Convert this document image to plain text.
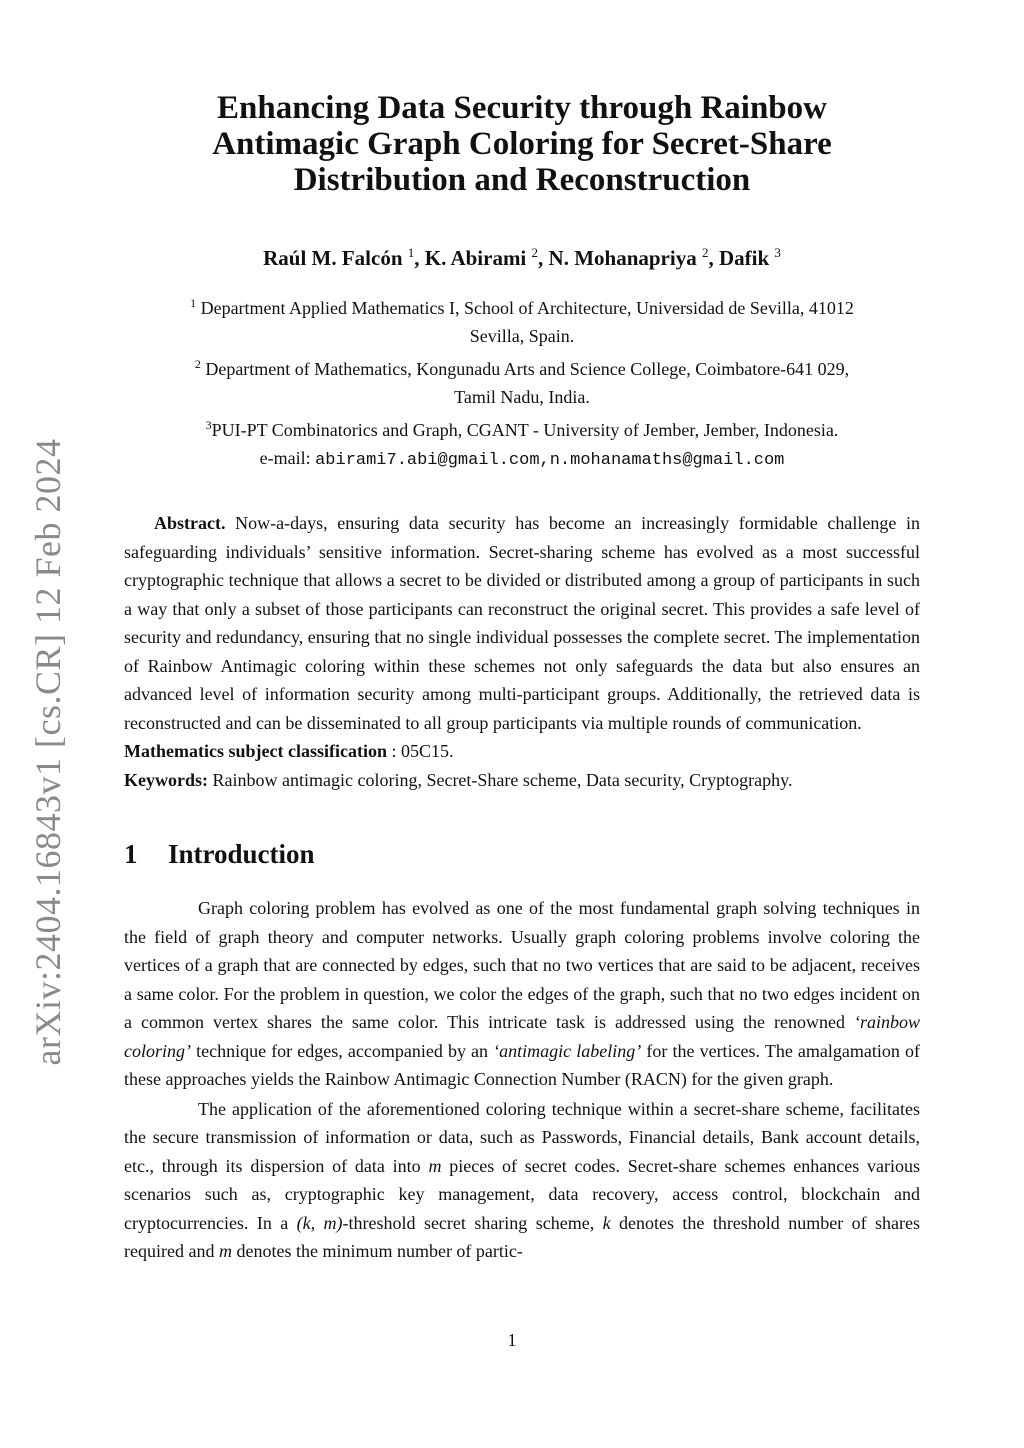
arXiv:2404.16843v1 [cs.CR] 12 Feb 2024
Enhancing Data Security through Rainbow
Antimagic Graph Coloring for Secret-Share
Distribution and Reconstruction
Raúl M. Falcón $^1$, K. Abirami $^2$, N. Mohanapriya $^2$, Dafik $^3$
$^1$ Department Applied Mathematics I, School of Architecture, Universidad de Sevilla, 41012
Sevilla, Spain.
$^2$ Department of Mathematics, Kongunadu Arts and Science College, Coimbatore-641 029,
Tamil Nadu, India.
$^3$PUI-PT Combinatorics and Graph, CGANT - University of Jember, Jember, Indonesia.
e-mail: abirami7.abi@gmail.com,n.mohanamaths@gmail.com

Abstract. Now-a-days, ensuring data security has become an increasingly formidable challenge in safeguarding individuals’ sensitive information. Secret-sharing scheme has evolved as a most successful cryptographic technique that allows a secret to be divided or distributed among a group of participants in such a way that only a subset of those participants can reconstruct the original secret. This provides a safe level of security and redundancy, ensuring that no single individual possesses the complete secret. The implementation of Rainbow Antimagic coloring within these schemes not only safeguards the data but also ensures an advanced level of information security among multi-participant groups. Additionally, the retrieved data is reconstructed and can be disseminated to all group participants via multiple rounds of communication.

Mathematics subject classification : 05C15.

Keywords: Rainbow antimagic coloring, Secret-Share scheme, Data security, Cryptography.

1 Introduction

Graph coloring problem has evolved as one of the most fundamental graph solving techniques in the field of graph theory and computer networks. Usually graph coloring problems involve coloring the vertices of a graph that are connected by edges, such that no two vertices that are said to be adjacent, receives a same color. For the problem in question, we color the edges of the graph, such that no two edges incident on a common vertex shares the same color. This intricate task is addressed using the renowned ‘rainbow coloring’ technique for edges, accompanied by an ‘antimagic labeling’ for the vertices. The amalgamation of these approaches yields the Rainbow Antimagic Connection Number (RACN) for the given graph.

The application of the aforementioned coloring technique within a secret-share scheme, facilitates the secure transmission of information or data, such as Passwords, Financial details, Bank account details, etc., through its dispersion of data into m pieces of secret codes. Secret-share schemes enhances various scenarios such as, cryptographic key management, data recovery, access control, blockchain and cryptocurrencies. In a (k, m)-threshold secret sharing scheme, k denotes the threshold number of shares required and m denotes the minimum number of partic-

1
